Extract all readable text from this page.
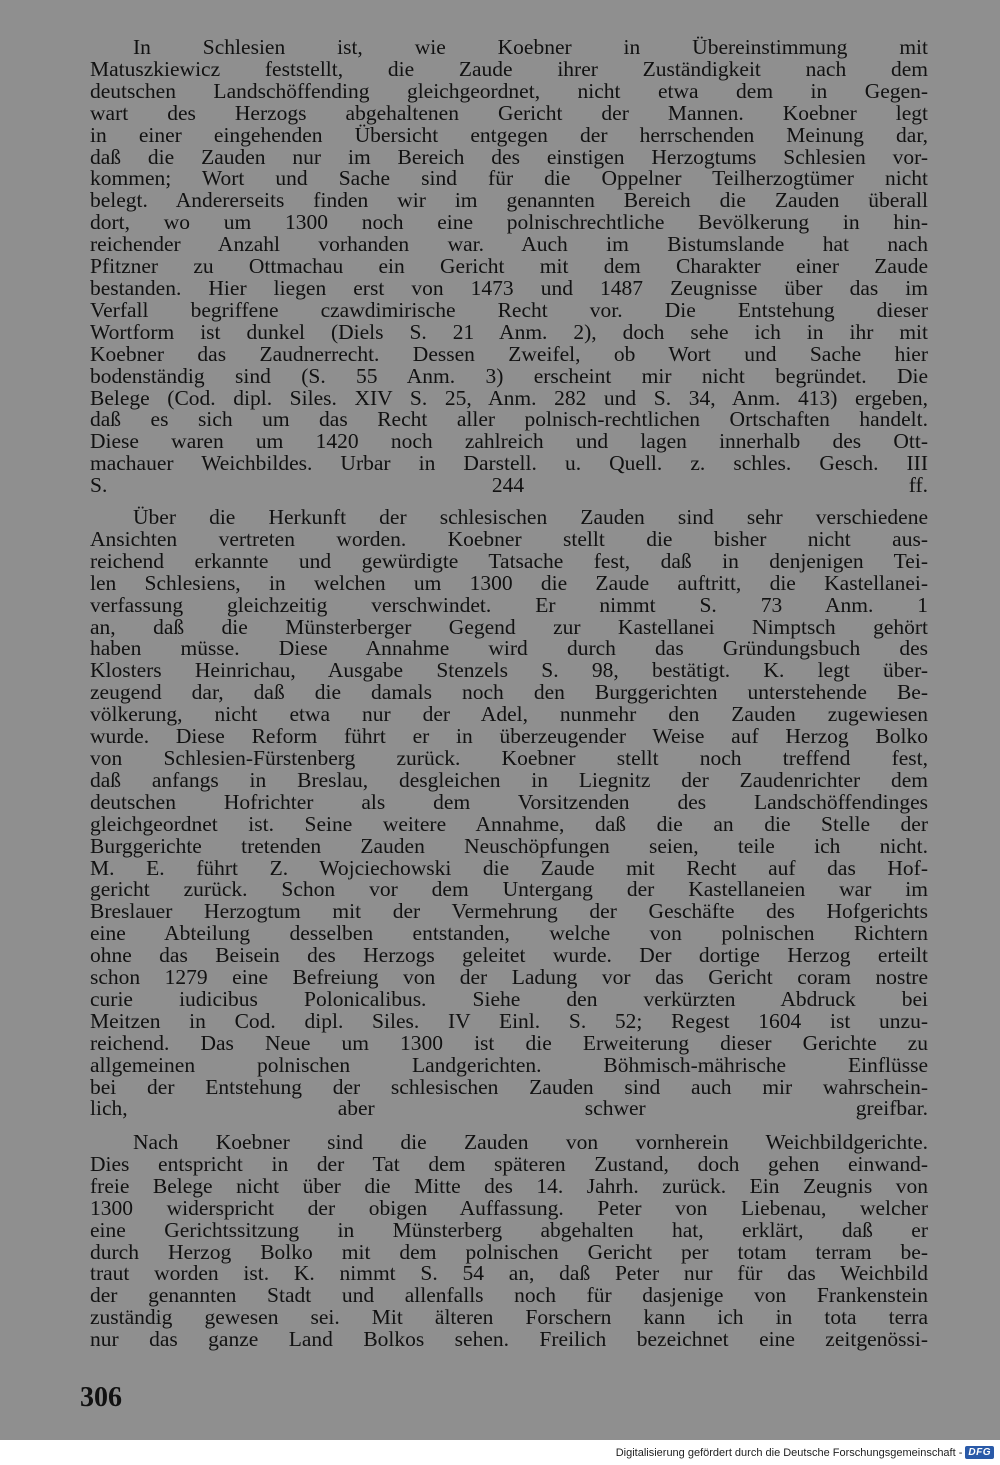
  In Schlesien ist, wie Koebner in Übereinstimmung mit
Matuszkiewicz feststellt, die Zaude ihrer Zuständigkeit nach dem
deutschen Landschöffending gleichgeordnet, nicht etwa dem in Gegen-
wart des Herzogs abgehaltenen Gericht der Mannen. Koebner legt
in einer eingehenden Übersicht entgegen der herrschenden Meinung dar,
daß die Zauden nur im Bereich des einstigen Herzogtums Schlesien vor-
kommen; Wort und Sache sind für die Oppelner Teilherzogtümer nicht
belegt. Andererseits finden wir im genannten Bereich die Zauden überall
dort, wo um 1300 noch eine polnischrechtliche Bevölkerung in hin-
reichender Anzahl vorhanden war. Auch im Bistumslande hat nach
Pfitzner zu Ottmachau ein Gericht mit dem Charakter einer Zaude
bestanden. Hier liegen erst von 1473 und 1487 Zeugnisse über das im
Verfall begriffene czawdimirische Recht vor. Die Entstehung dieser
Wortform ist dunkel (Diels S. 21 Anm. 2), doch sehe ich in ihr mit
Koebner das Zaudnerrecht. Dessen Zweifel, ob Wort und Sache hier
bodenständig sind (S. 55 Anm. 3) erscheint mir nicht begründet. Die
Belege (Cod. dipl. Siles. XIV S. 25, Anm. 282 und S. 34, Anm. 413) ergeben,
daß es sich um das Recht aller polnisch-rechtlichen Ortschaften handelt.
Diese waren um 1420 noch zahlreich und lagen innerhalb des Ott-
machauer Weichbildes. Urbar in Darstell. u. Quell. z. schles. Gesch. III
S. 244 ff.
  Über die Herkunft der schlesischen Zauden sind sehr verschiedene
Ansichten vertreten worden. Koebner stellt die bisher nicht aus-
reichend erkannte und gewürdigte Tatsache fest, daß in denjenigen Tei-
len Schlesiens, in welchen um 1300 die Zaude auftritt, die Kastellanei-
verfassung gleichzeitig verschwindet. Er nimmt S. 73 Anm. 1
an, daß die Münsterberger Gegend zur Kastellanei Nimptsch gehört
haben müsse. Diese Annahme wird durch das Gründungsbuch des
Klosters Heinrichau, Ausgabe Stenzels S. 98, bestätigt. K. legt über-
zeugend dar, daß die damals noch den Burggerichten unterstehende Be-
völkerung, nicht etwa nur der Adel, nunmehr den Zauden zugewiesen
wurde. Diese Reform führt er in überzeugender Weise auf Herzog Bolko
von Schlesien-Fürstenberg zurück. Koebner stellt noch treffend fest,
daß anfangs in Breslau, desgleichen in Liegnitz der Zaudenrichter dem
deutschen Hofrichter als dem Vorsitzenden des Landschöffendinges
gleichgeordnet ist. Seine weitere Annahme, daß die an die Stelle der
Burggerichte tretenden Zauden Neuschöpfungen seien, teile ich nicht.
M. E. führt Z. Wojciechowski die Zaude mit Recht auf das Hof-
gericht zurück. Schon vor dem Untergang der Kastellaneien war im
Breslauer Herzogtum mit der Vermehrung der Geschäfte des Hofgerichts
eine Abteilung desselben entstanden, welche von polnischen Richtern
ohne das Beisein des Herzogs geleitet wurde. Der dortige Herzog erteilt
schon 1279 eine Befreiung von der Ladung vor das Gericht coram nostre
curie iudicibus Polonicalibus. Siehe den verkürzten Abdruck bei
Meitzen in Cod. dipl. Siles. IV Einl. S. 52; Regest 1604 ist unzu-
reichend. Das Neue um 1300 ist die Erweiterung dieser Gerichte zu
allgemeinen polnischen Landgerichten. Böhmisch-mährische Einflüsse
bei der Entstehung der schlesischen Zauden sind auch mir wahrschein-
lich, aber schwer greifbar.
  Nach Koebner sind die Zauden von vornherein Weichbildgerichte.
Dies entspricht in der Tat dem späteren Zustand, doch gehen einwand-
freie Belege nicht über die Mitte des 14. Jahrh. zurück. Ein Zeugnis von
1300 widerspricht der obigen Auffassung. Peter von Liebenau, welcher
eine Gerichtssitzung in Münsterberg abgehalten hat, erklärt, daß er
durch Herzog Bolko mit dem polnischen Gericht per totam terram be-
traut worden ist. K. nimmt S. 54 an, daß Peter nur für das Weichbild
der genannten Stadt und allenfalls noch für dasjenige von Frankenstein
zuständig gewesen sei. Mit älteren Forschern kann ich in tota terra
nur das ganze Land Bolkos sehen. Freilich bezeichnet eine zeitgenössi-

306

Digitalisierung gefördert durch die Deutsche Forschungsgemeinschaft - DFG
